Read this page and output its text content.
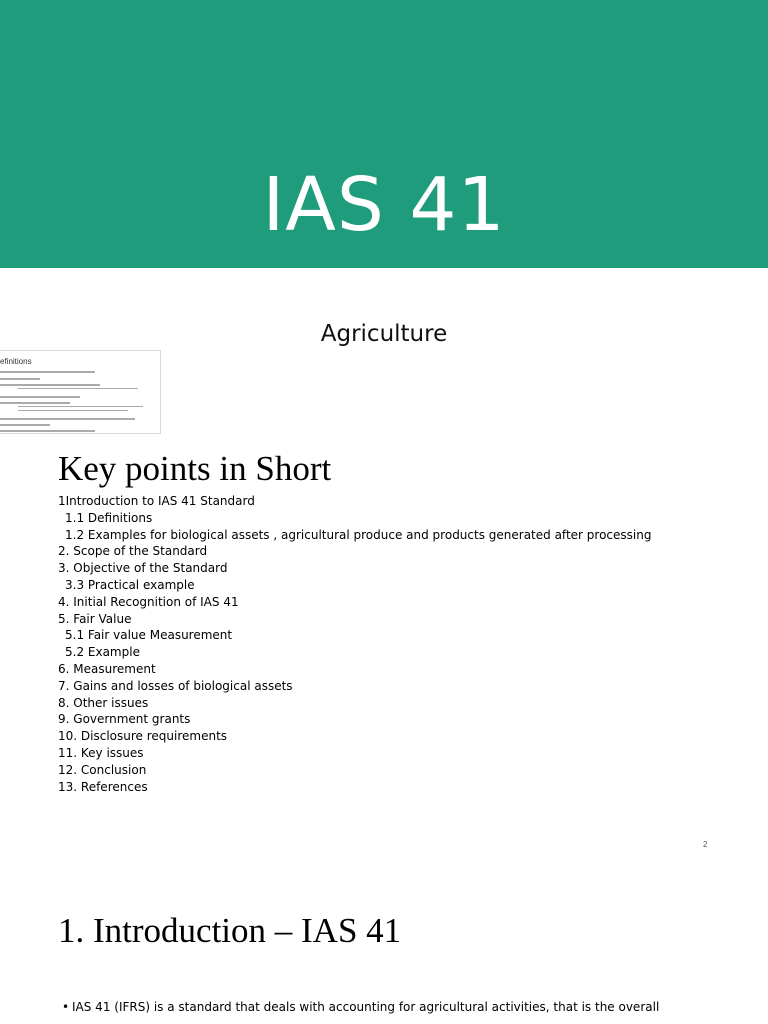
IAS 41
Agriculture
efinitions
Key points in Short
1Introduction to IAS 41 Standard
1.1 Definitions
1.2 Examples for biological assets , agricultural produce and products generated after processing
2. Scope of the Standard
3. Objective of the Standard
3.3 Practical example
4. Initial Recognition of IAS 41
5. Fair Value
5.1 Fair value Measurement
5.2 Example
6. Measurement
7. Gains and losses of biological assets
8. Other issues
9. Government grants
10. Disclosure requirements
11. Key issues
12. Conclusion
13. References
2
1. Introduction – IAS 41
• IAS 41 (IFRS) is a standard that deals with accounting for agricultural activities, that is the overall
